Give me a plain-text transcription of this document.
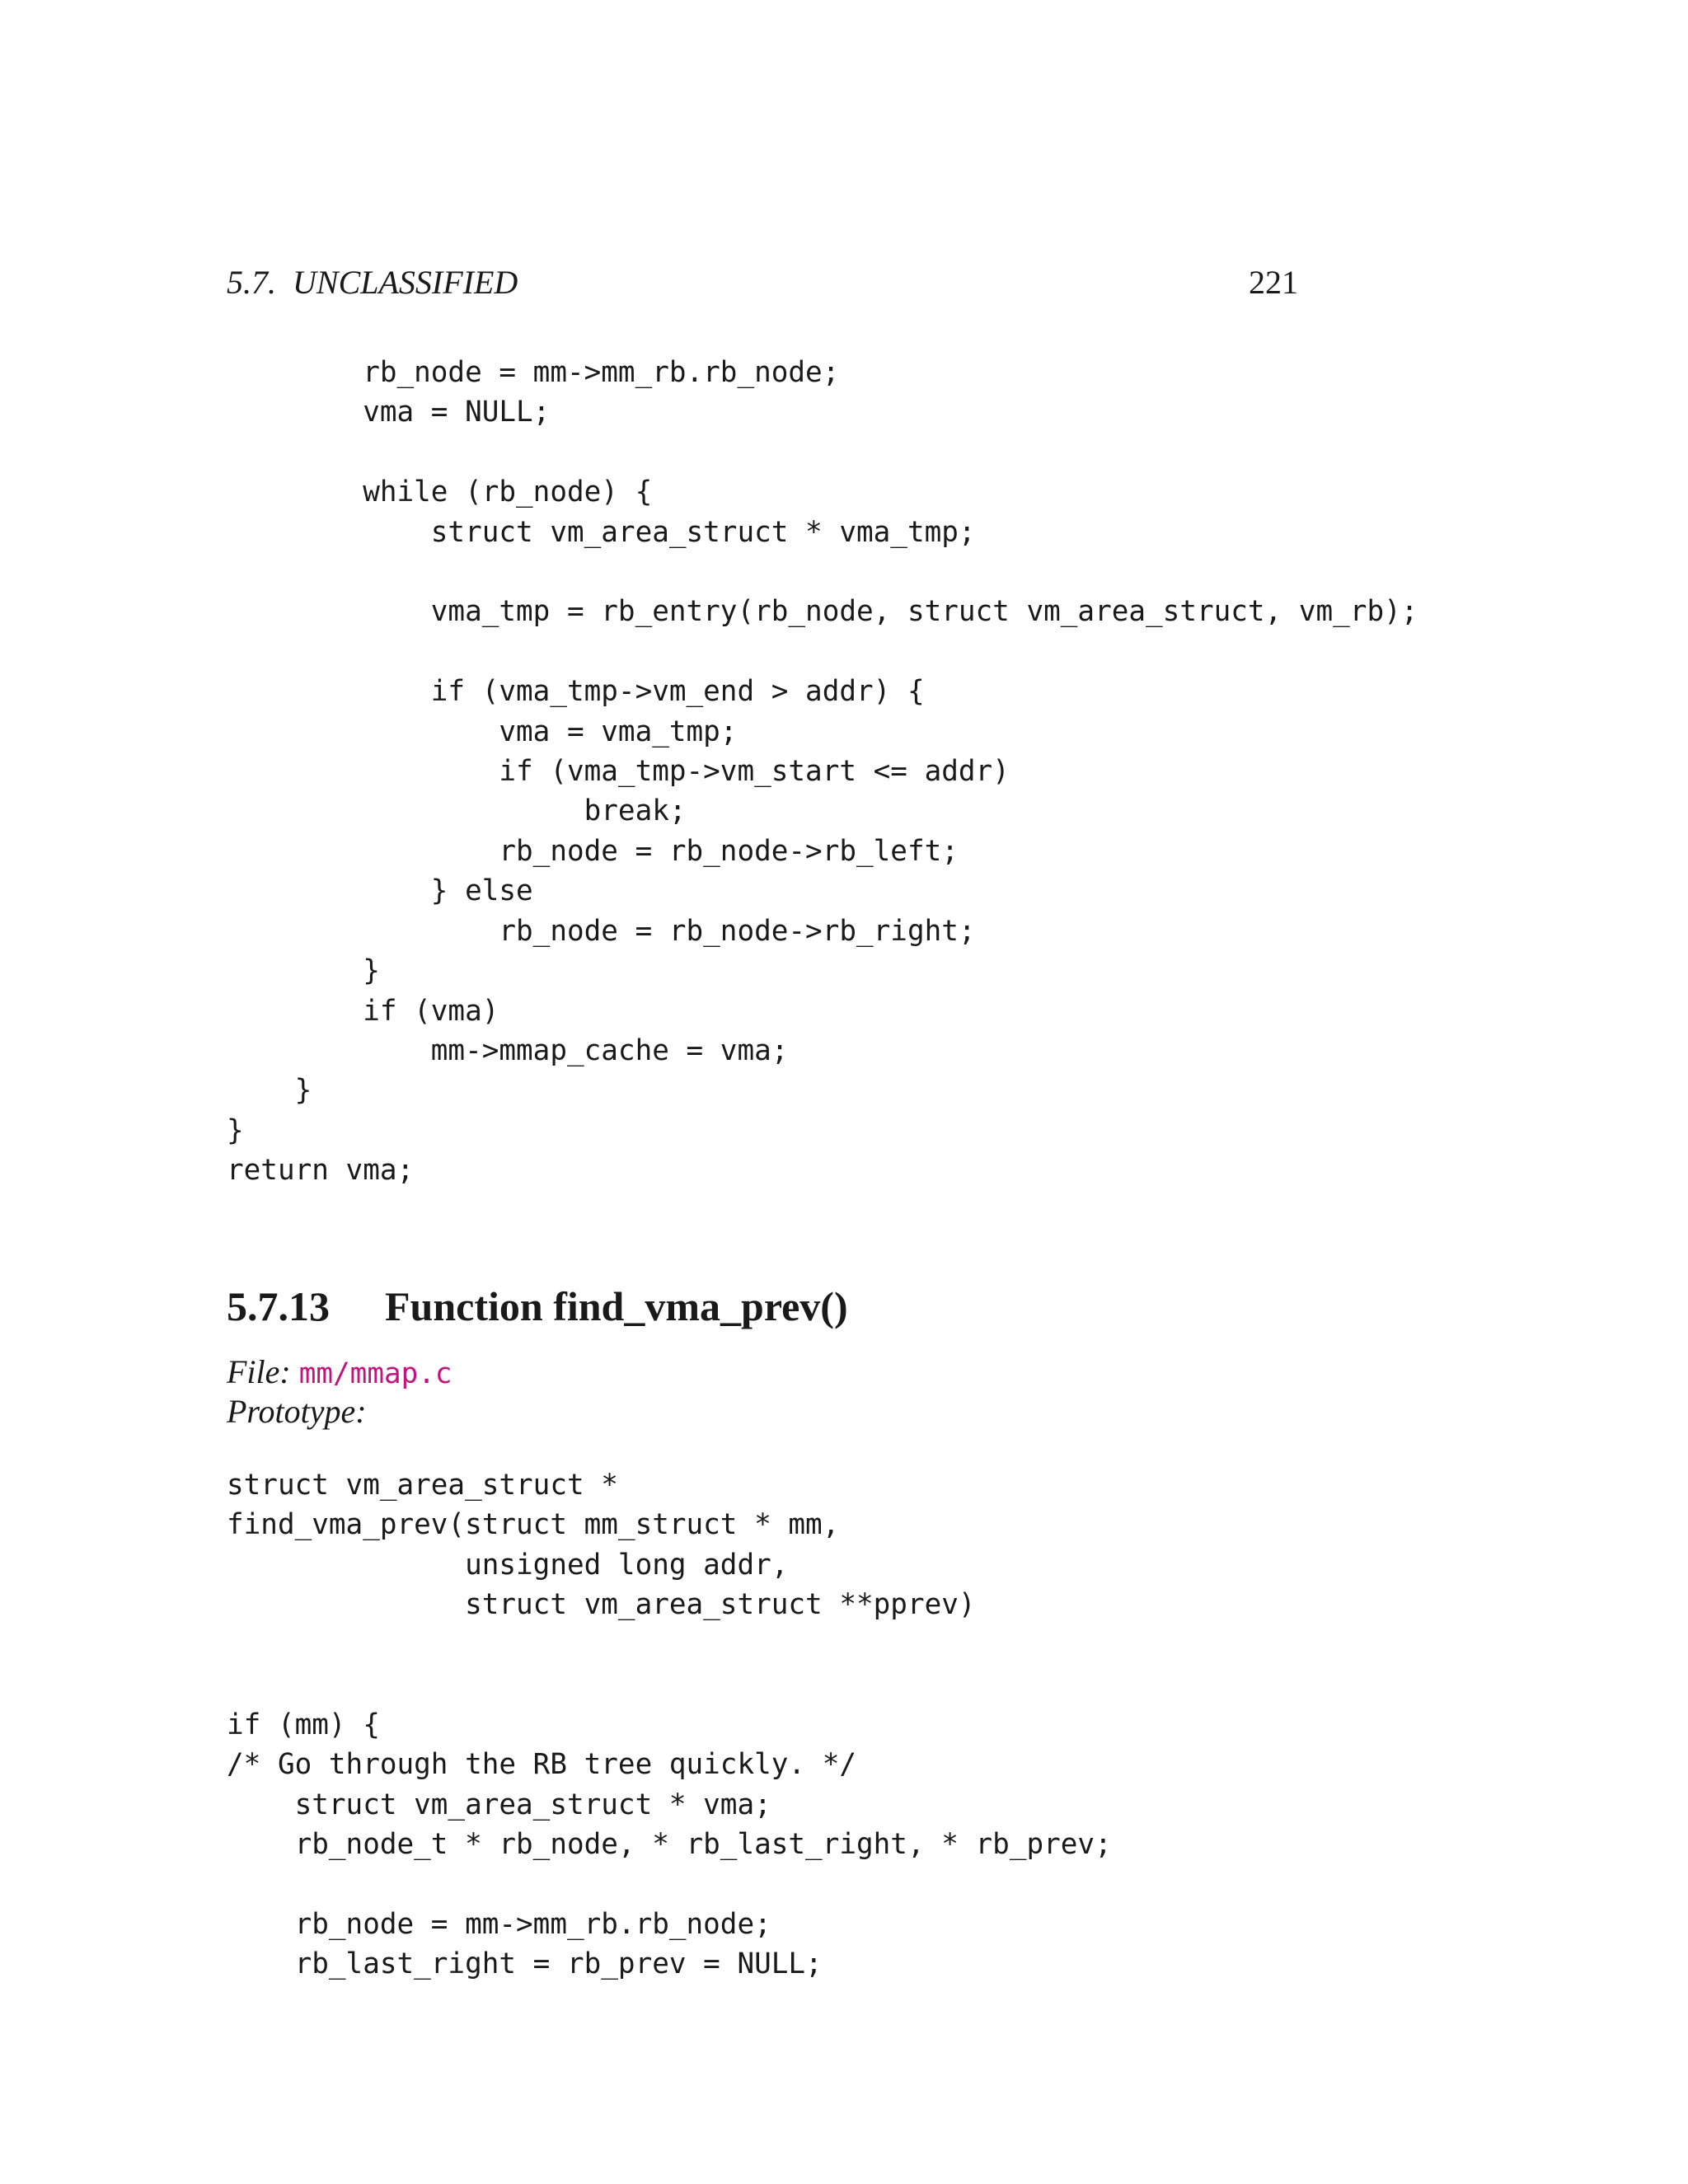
5.7.  UNCLASSIFIED	221
rb_node = mm->mm_rb.rb_node;
vma = NULL;

while (rb_node) {
struct vm_area_struct * vma_tmp;

vma_tmp = rb_entry(rb_node, struct vm_area_struct, vm_rb);

if (vma_tmp->vm_end > addr) {
vma = vma_tmp;
if (vma_tmp->vm_start <= addr)
break;
rb_node = rb_node->rb_left;
} else
rb_node = rb_node->rb_right;
}
if (vma)
mm->mmap_cache = vma;
}
}
return vma;
5.7.13 Function find_vma_prev()
File: mm/mmap.c
Prototype:
struct vm_area_struct *
find_vma_prev(struct mm_struct * mm,
unsigned long addr,
struct vm_area_struct **pprev)
if (mm) {
/* Go through the RB tree quickly. */
struct vm_area_struct * vma;
rb_node_t * rb_node, * rb_last_right, * rb_prev;

rb_node = mm->mm_rb.rb_node;
rb_last_right = rb_prev = NULL;
